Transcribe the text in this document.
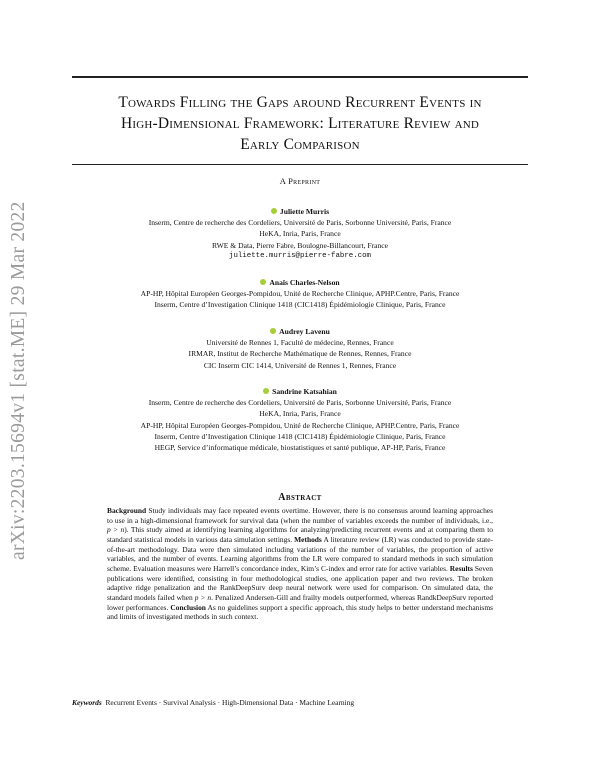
arXiv:2203.15694v1 [stat.ME] 29 Mar 2022
Towards Filling the Gaps around Recurrent Events in
High-Dimensional Framework: Literature Review and
Early Comparison
A Preprint
Juliette Murris
Inserm, Centre de recherche des Cordeliers, Université de Paris, Sorbonne Université, Paris, France
HeKA, Inria, Paris, France
RWE & Data, Pierre Fabre, Boulogne-Billancourt, France
juliette.murris@pierre-fabre.com
Anaïs Charles-Nelson
AP-HP, Hôpital Européen Georges-Pompidou, Unité de Recherche Clinique, APHP.Centre, Paris, France
Inserm, Centre d’Investigation Clinique 1418 (CIC1418) Épidémiologie Clinique, Paris, France
Audrey Lavenu
Université de Rennes 1, Faculté de médecine, Rennes, France
IRMAR, Institut de Recherche Mathématique de Rennes, Rennes, France
CIC Inserm CIC 1414, Université de Rennes 1, Rennes, France
Sandrine Katsahian
Inserm, Centre de recherche des Cordeliers, Université de Paris, Sorbonne Université, Paris, France
HeKA, Inria, Paris, France
AP-HP, Hôpital Européen Georges-Pompidou, Unité de Recherche Clinique, APHP.Centre, Paris, France
Inserm, Centre d’Investigation Clinique 1418 (CIC1418) Épidémiologie Clinique, Paris, France
HEGP, Service d’informatique médicale, biostatistiques et santé publique, AP-HP, Paris, France
Abstract

Background Study individuals may face repeated events overtime. However, there is no consensus around learning approaches to use in a high-dimensional framework for survival data (when the number of variables exceeds the number of individuals, i.e., p > n). This study aimed at identifying learning algorithms for analyzing/predicting recurrent events and at comparing them to standard statistical models in various data simulation settings. Methods A literature review (LR) was conducted to provide state-of-the-art methodology. Data were then simulated including variations of the number of variables, the proportion of active variables, and the number of events. Learning algorithms from the LR were compared to standard methods in such simulation scheme. Evaluation measures were Harrell’s concordance index, Kim’s C-index and error rate for active variables. Results Seven publications were identified, consisting in four methodological studies, one application paper and two reviews. The broken adaptive ridge penalization and the RankDeepSurv deep neural network were used for comparison. On simulated data, the standard models failed when p > n. Penalized Andersen-Gill and frailty models outperformed, whereas RandkDeepSurv reported lower performances. Conclusion As no guidelines support a specific approach, this study helps to better understand mechanisms and limits of investigated methods in such context.

Keywords Recurrent Events · Survival Analysis · High-Dimensional Data · Machine Learning
